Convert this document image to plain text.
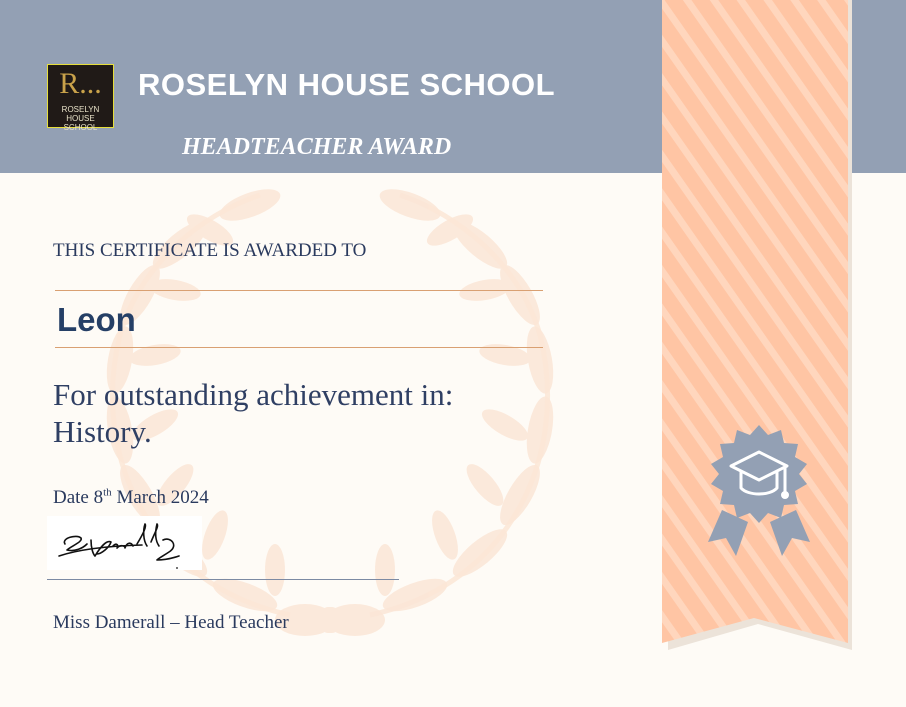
R...
ROSELYN HOUSE
SCHOOL
ROSELYN HOUSE SCHOOL
HEADTEACHER AWARD

THIS CERTIFICATE IS AWARDED TO

Leon

For outstanding achievement in:
History.

Date 8th March 2024

Miss Damerall – Head Teacher
